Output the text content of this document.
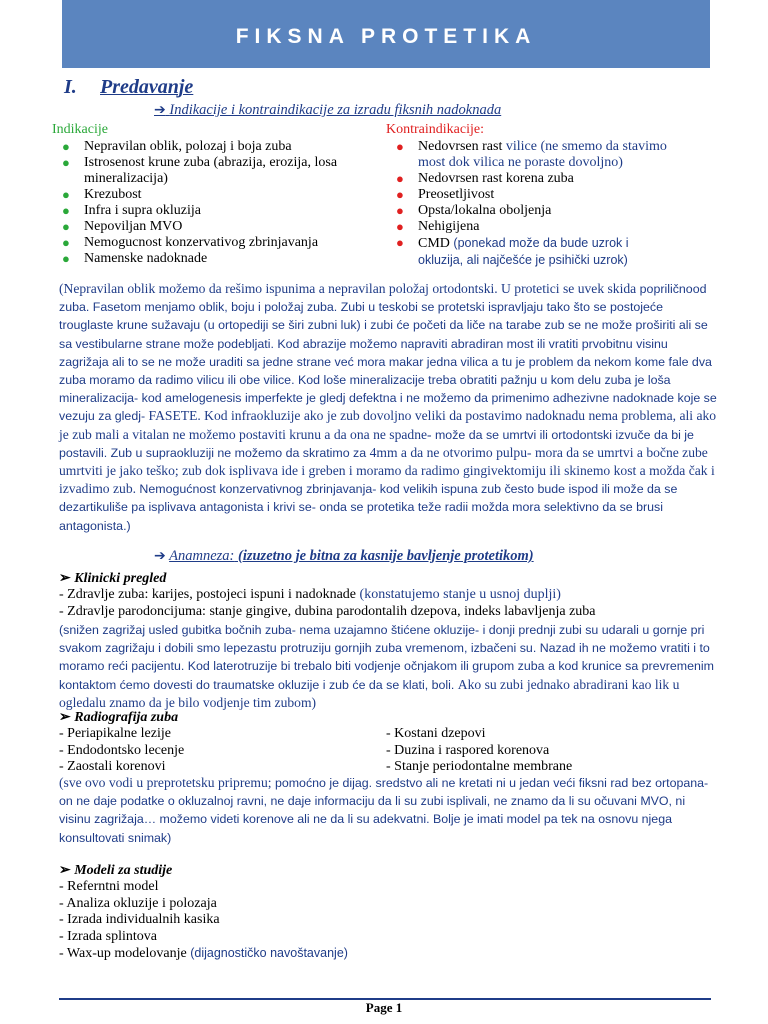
FIKSNA PROTETIKA
I. Predavanje
➔ Indikacije i kontraindikacije za izradu fiksnih nadoknada
Indikacije
● Nepravilan oblik, polozaj i boja zuba
● Istrosenost krune zuba (abrazija, erozija, losa mineralizacija)
● Krezubost
● Infra i supra okluzija
● Nepoviljan MVO
● Nemogucnost konzervativog zbrinjavanja
● Namenske nadoknade
Kontraindikacije:
● Nedovrsen rast vilice (ne smemo da stavimo most dok vilica ne poraste dovoljno)
● Nedovrsen rast korena zuba
● Preosetljivost
● Opsta/lokalna oboljenja
● Nehigijena
● CMD (ponekad može da bude uzrok i okluzija, ali najčešće je psihički uzrok)
(Nepravilan oblik možemo da rešimo ispunima a nepravilan položaj ortodontski. U protetici se uvek skida popriličnood zuba. Fasetom menjamo oblik, boju i položaj zuba. Zubi u teskobi se protetski ispravljaju tako što se postojeće trouglaste krune sužavaju (u ortopediji se širi zubni luk) i zubi će početi da liče na tarabe zub se ne može proširiti ali se sa vestibularne strane može podebljati. Kod abrazije možemo napraviti abradiran most ili vratiti prvobitnu visinu zagrižaja ali to se ne može uraditi sa jedne strane već mora makar jedna vilica a tu je problem da nekom kome fale dva zuba moramo da radimo vilicu ili obe vilice. Kod loše mineralizacije treba obratiti pažnju u kom delu zuba je loša mineralizacija- kod amelogenesis imperfekte je gledj defektna i ne možemo da primenimo adhezivne nadoknade koje se vezuju za gledj- FASETE. Kod infraokluzije ako je zub dovoljno veliki da postavimo nadoknadu nema problema, ali ako je zub mali a vitalan ne možemo postaviti krunu a da ona ne spadne- može da se umrtvi ili ortodontski izvuče da bi je postavili. Zub u supraokluziji ne možemo da skratimo za 4mm a da ne otvorimo pulpu- mora da se umrtvi a bočne zube umrtviti je jako teško; zub dok isplivava ide i greben i moramo da radimo gingivektomiju ili skinemo kost a možda čak i izvadimo zub. Nemogućnost konzervativnog zbrinjavanja- kod velikih ispuna zub često bude ispod ili može da se dezartikuliše pa isplivava antagonista i krivi se- onda se protetika teže radii možda mora selektivno da se brusi antagonista.)
➔ Anamneza: (izuzetno je bitna za kasnije bavljenje protetikom)
➢ Klinicki pregled
- Zdravlje zuba: karijes, postojeci ispuni i nadoknade (konstatujemo stanje u usnoj duplji)
- Zdravlje parodoncijuma: stanje gingive, dubina parodontalih dzepova, indeks labavljenja zuba
(snižen zagrižaj usled gubitka bočnih zuba- nema uzajamno štićene okluzije- i donji prednji zubi su udarali u gornje pri svakom zagrižaju i dobili smo lepezastu protruziju gornjih zuba vremenom, izbačeni su. Nazad ih ne možemo vratiti i to moramo reći pacijentu. Kod laterotruzije bi trebalo biti vodjenje očnjakom ili grupom zuba a kod krunice sa prevremenim kontaktom ćemo dovesti do traumatske okluzije i zub će da se klati, boli. Ako su zubi jednako abradirani kao lik u ogledalu znamo da je bilo vodjenje tim zubom)
➢ Radiografija zuba
- Periapikalne lezije
- Endodontsko lecenje
- Zaostali korenovi
- Kostani dzepovi
- Duzina i raspored korenova
- Stanje periodontalne membrane
(sve ovo vodi u preprotetsku pripremu; pomoćno je dijag. sredstvo ali ne kretati ni u jedan veći fiksni rad bez ortopana- on ne daje podatke o okluzalnoj ravni, ne daje informaciju da li su zubi isplivali, ne znamo da li su očuvani MVO, ni visinu zagrižaja… možemo videti korenove ali ne da li su adekvatni. Bolje je imati model pa tek na osnovu njega konsultovati snimak)
➢ Modeli za studije
- Referntni model
- Analiza okluzije i polozaja
- Izrada individualnih kasika
- Izrada splintova
- Wax-up modelovanje (dijagnostičko navoštavanje)
Page 1
